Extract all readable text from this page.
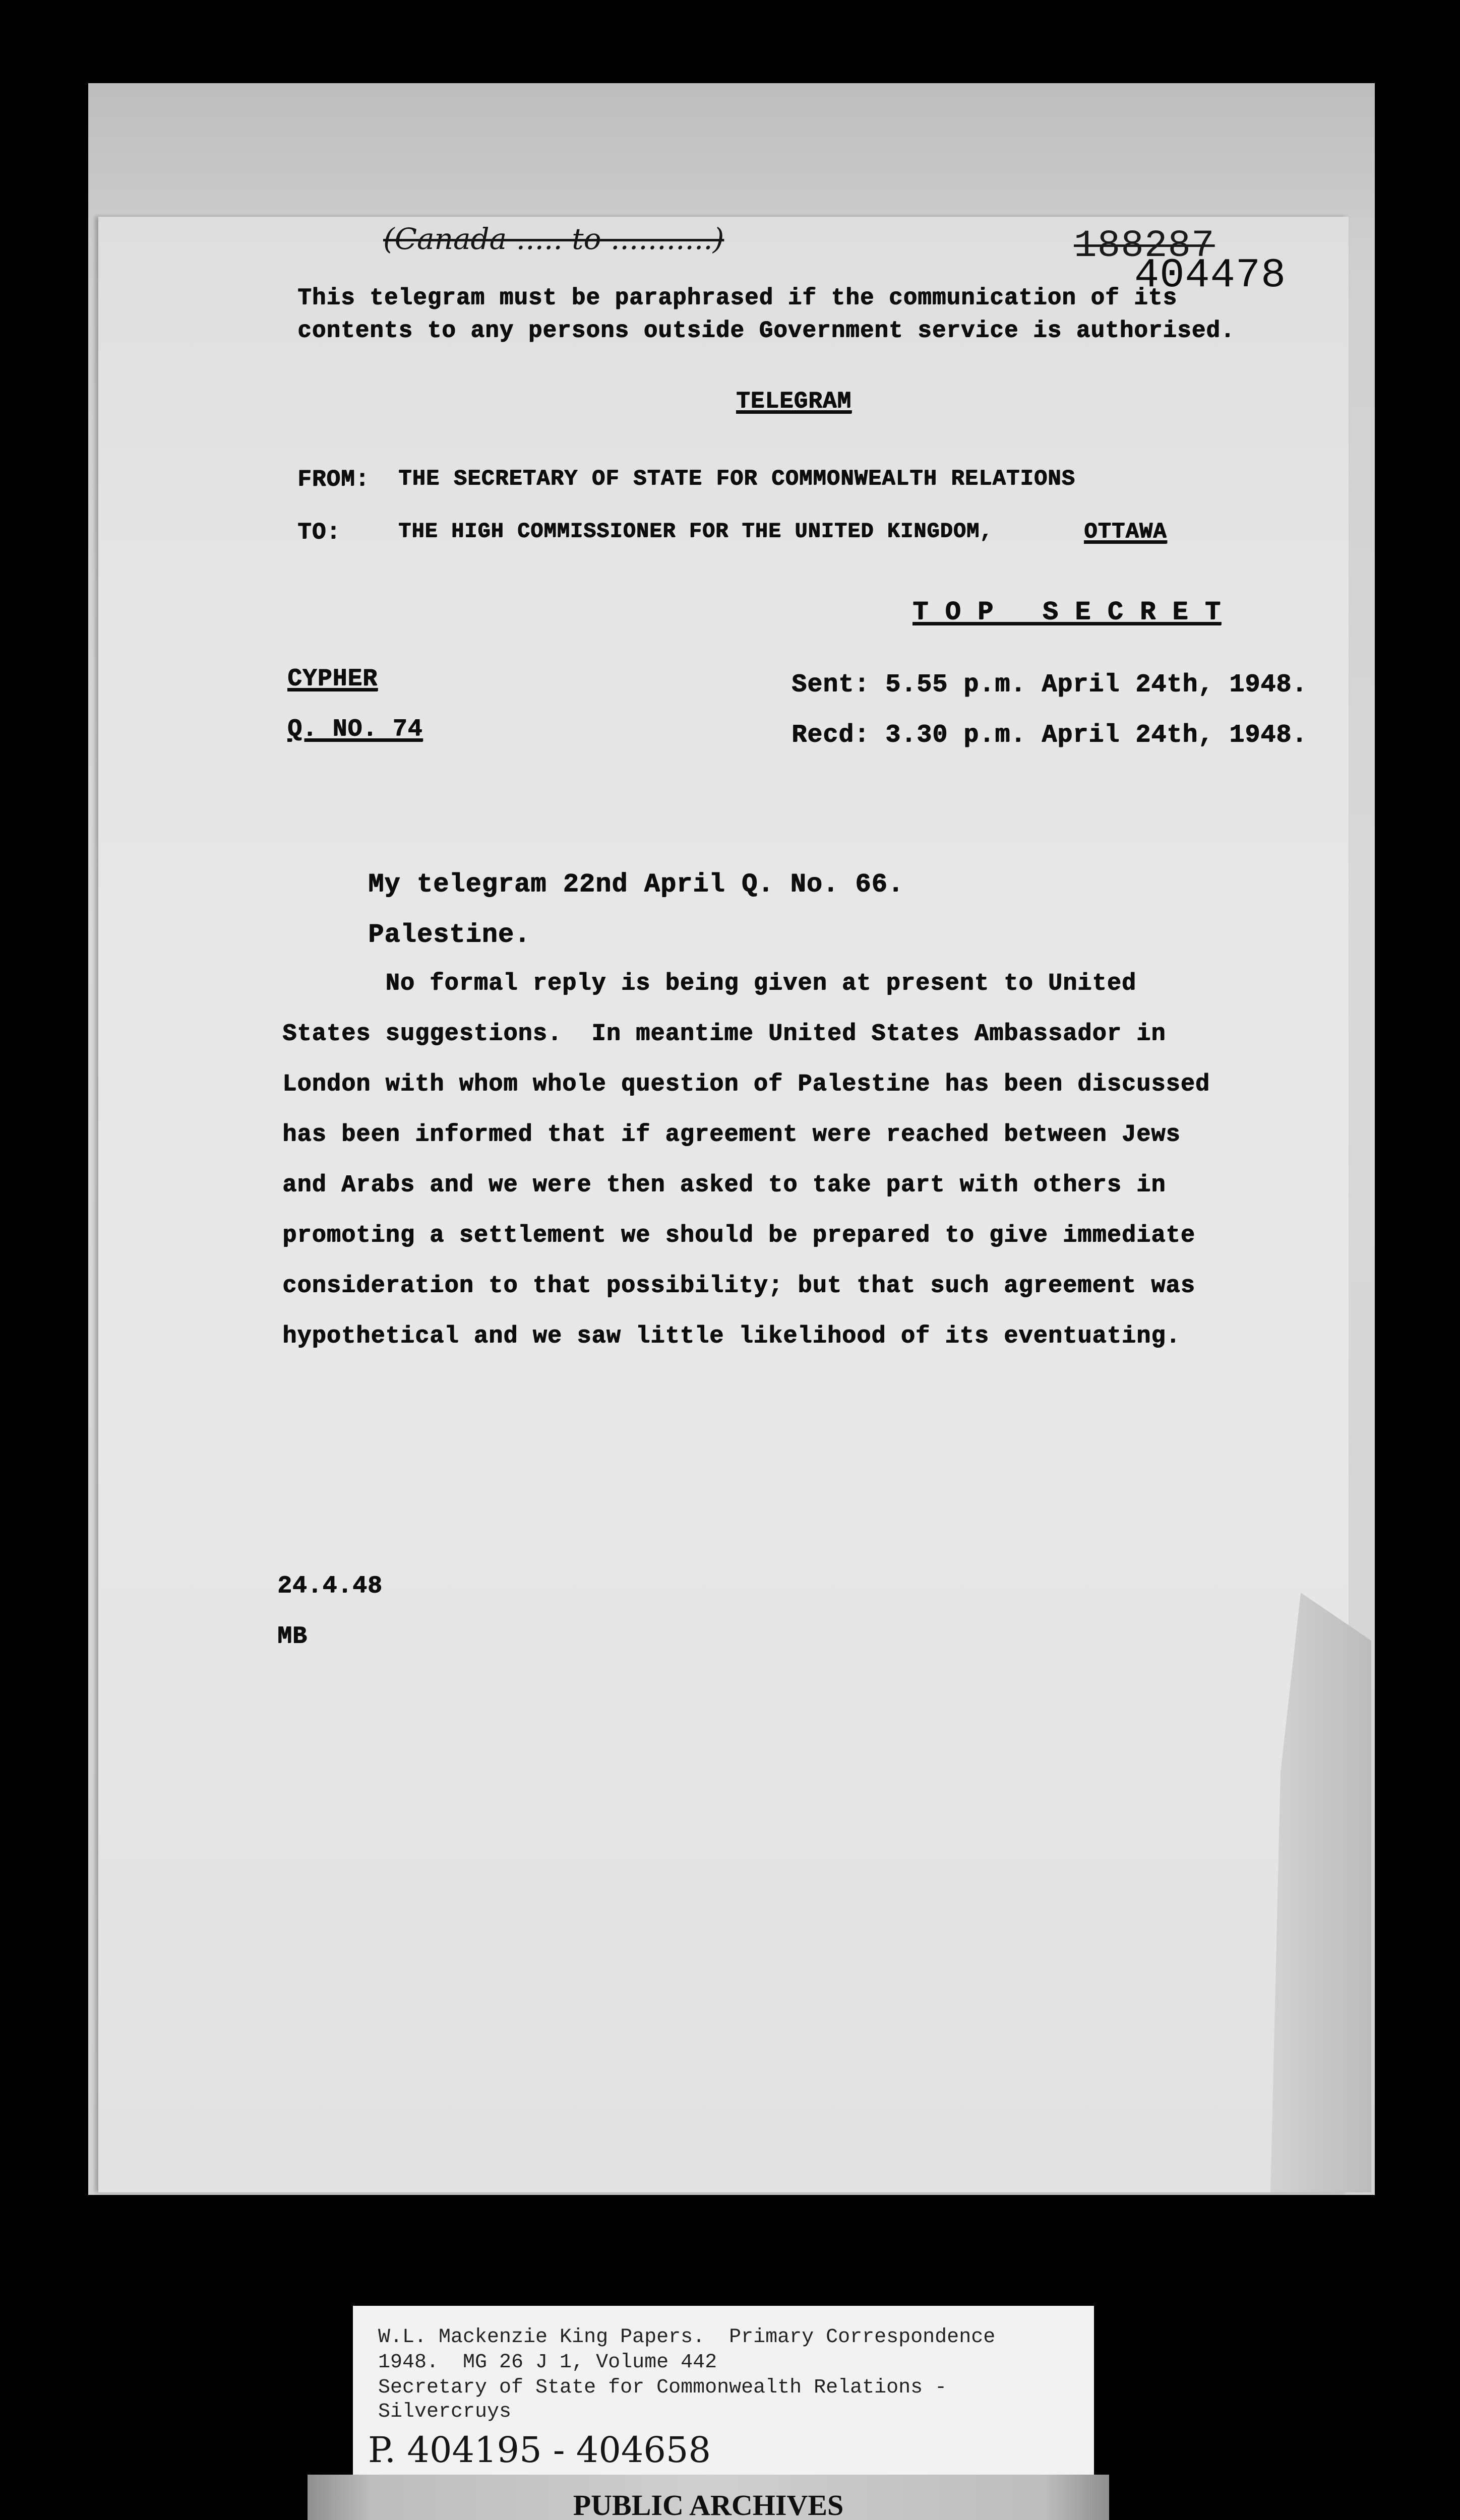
(Canada ..... to ...........)	188287
404478
This telegram must be paraphrased if the communication of its
contents to any persons outside Government service is authorised.
TELEGRAM
FROM: THE SECRETARY OF STATE FOR COMMONWEALTH RELATIONS
TO:	THE HIGH COMMISSIONER FOR THE UNITED KINGDOM,	OTTAWA
T O P   S E C R E T
CYPHER
Q. NO. 74
Sent: 5.55 p.m. April 24th, 1948.
Recd: 3.30 p.m. April 24th, 1948.
My telegram 22nd April Q. No. 66.
Palestine.
No formal reply is being given at present to United
States suggestions.  In meantime United States Ambassador in
London with whom whole question of Palestine has been discussed
has been informed that if agreement were reached between Jews
and Arabs and we were then asked to take part with others in
promoting a settlement we should be prepared to give immediate
consideration to that possibility; but that such agreement was
hypothetical and we saw little likelihood of its eventuating.
24.4.48
MB
W.L. Mackenzie King Papers.  Primary Correspondence
1948.  MG 26 J 1, Volume 442
Secretary of State for Commonwealth Relations -
Silvercruys
P. 404195 - 404658
PUBLIC ARCHIVES
